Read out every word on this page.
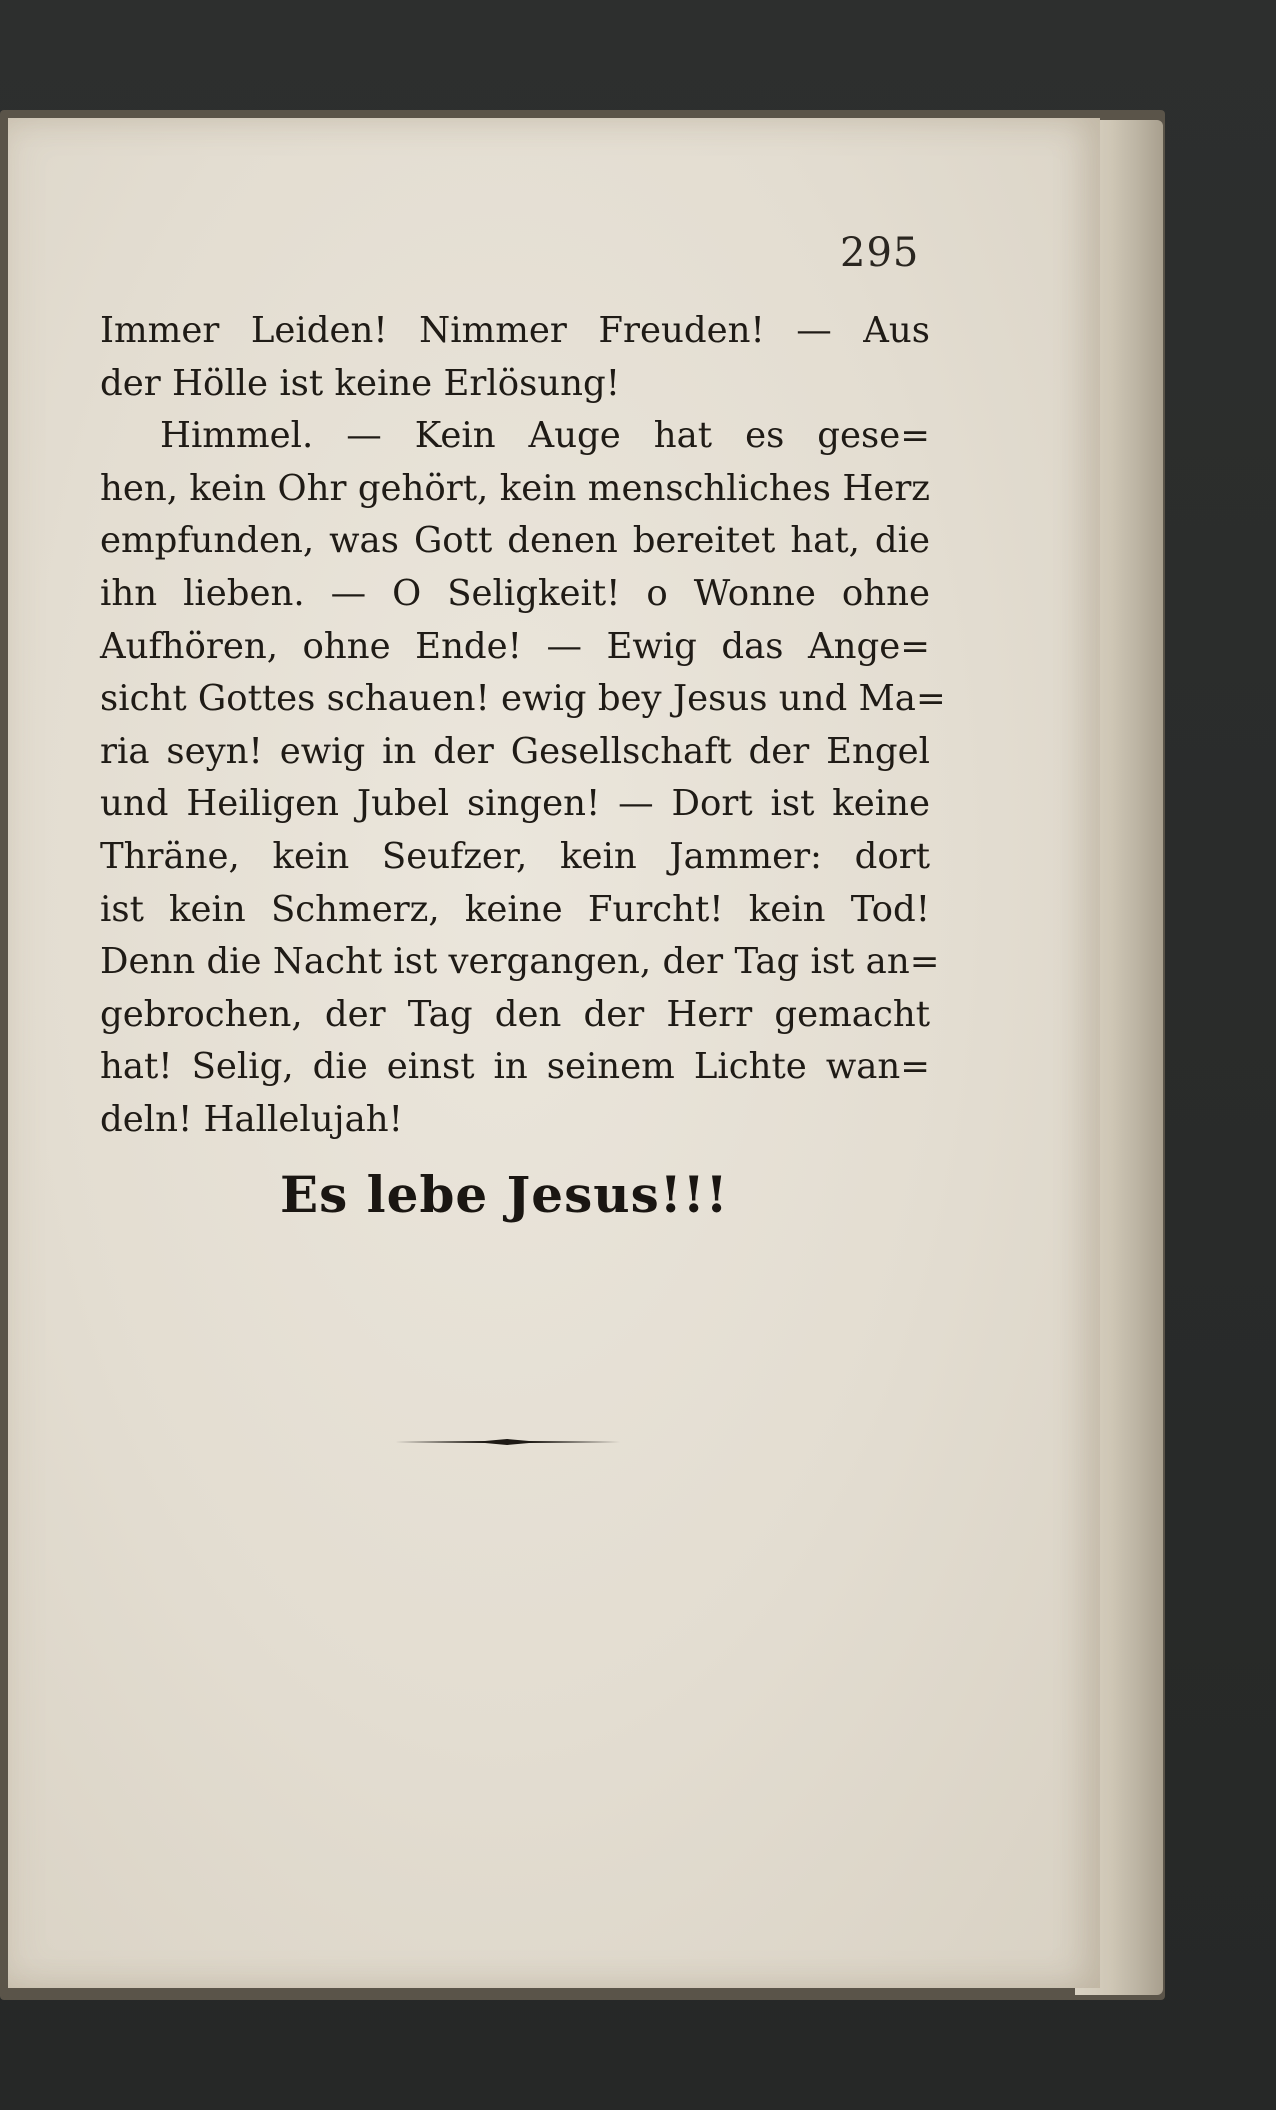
295
Immer Leiden! Nimmer Freuden! — Aus
der Hölle ist keine Erlösung!
Himmel. — Kein Auge hat es gese=
hen, kein Ohr gehört, kein menschliches Herz
empfunden, was Gott denen bereitet hat, die
ihn lieben. — O Seligkeit! o Wonne ohne
Aufhören, ohne Ende! — Ewig das Ange=
sicht Gottes schauen! ewig bey Jesus und Ma=
ria seyn! ewig in der Gesellschaft der Engel
und Heiligen Jubel singen! — Dort ist keine
Thräne, kein Seufzer, kein Jammer: dort
ist kein Schmerz, keine Furcht! kein Tod!
Denn die Nacht ist vergangen, der Tag ist an=
gebrochen, der Tag den der Herr gemacht
hat! Selig, die einst in seinem Lichte wan=
deln! Hallelujah!
Es lebe Jesus!!!
